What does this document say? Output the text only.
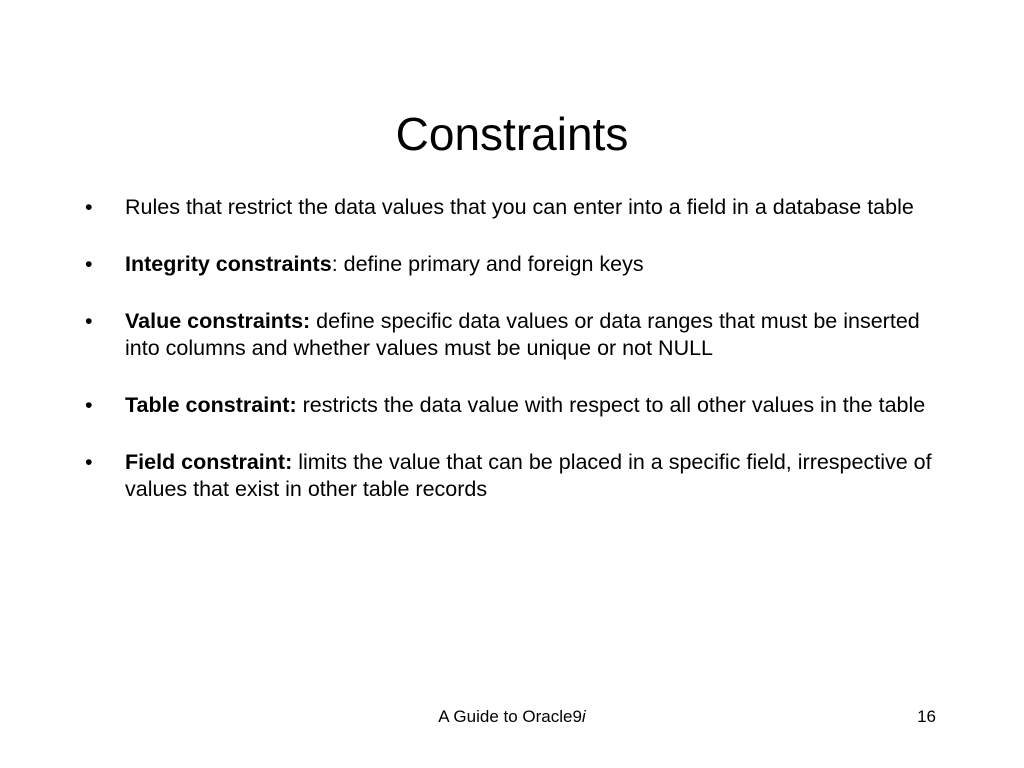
Constraints
•	Rules that restrict the data values that you can enter into a field in a database table
•	Integrity constraints: define primary and foreign keys
•	Value constraints: define specific data values or data ranges that must be inserted into columns and whether values must be unique or not NULL
•	Table constraint: restricts the data value with respect to all other values in the table
•	Field constraint: limits the value that can be placed in a specific field, irrespective of values that exist in other table records
A Guide to Oracle9i	16
